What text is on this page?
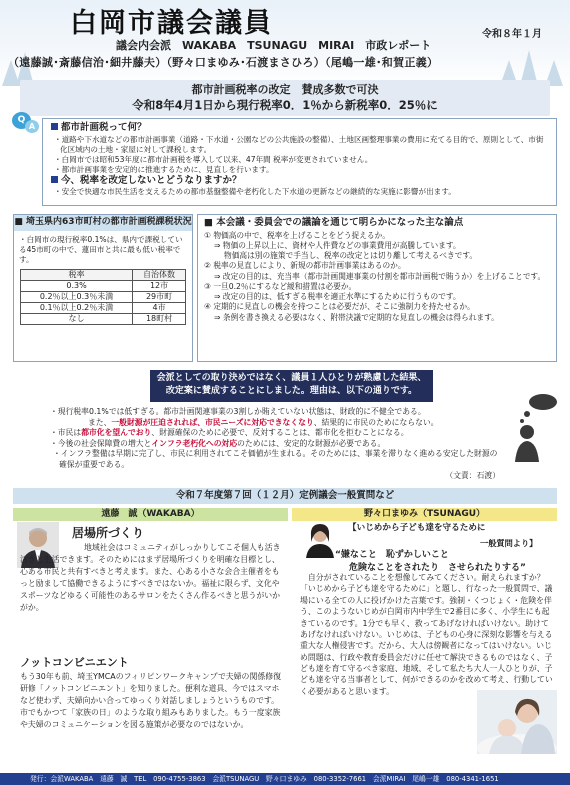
白岡市議会議員	令和８年１月
議会内会派　WAKABA　TSUNAGU　MIRAI　市政レポート
（遠藤誠･斎藤信治･細井藤夫）（野々口まゆみ･石渡まさひろ）（尾嶋一雄･和賀正義）
都市計画税率の改定　賛成多数で可決
令和8年4月1日から現行税率0．1％から新税率0．25％に
Q
A	都市計画税って何？
・道路や下水道などの都市計画事業（道路・下水道・公園などの公共施設の整備）、土地区画整理事業の費用に充てる目的で、原則として、市街化区域内の土地・家屋に対して課税します。
・白岡市では昭和53年度に都市計画税を導入して以来、47年間 税率が変更されていません。
・都市計画事業を安定的に推進するために、見直しを行います。
今、税率を改定しないとどうなりますか？
・安全で快適な市民生活を支えるための都市基盤整備や老朽化した下水道の更新などの継続的な実施に影響が出ます。
■ 埼玉県内63市町村の都市計画税課税状況
・白岡市の現行税率0.1%は、県内で課税している45市町の中で、蓮田市と共に最も低い税率です。
税率	自治体数
0.3%	12市
0.2％以上0.3％未満	29市町
0.1％以上0.2％未満	4市
なし	18町村
■ 本会議・委員会での議論を通じて明らかになった主な論点
① 物価高の中で、税率を上げることをどう捉えるか。
⇒ 物価の上昇以上に、資材や人件費などの事業費用が高騰しています。
物価高は別の施策で手当し、税率の改定とは切り離して考えるべきです。
② 税率の見直しにより、新規の都市計画事業はあるのか。
⇒ 改定の目的は、充当率（都市計画関連事業の付割を都市計画税で賄うか）を上げることです。
③ 一旦0.2％にするなど緩和措置は必要か。
⇒ 改定の目的は、低すぎる税率を適正水準にするために行うものです。
④ 定期的に見直しの機会を持つことは必要だが、そこに強制力を持たせるか。
⇒ 条例を書き換える必要はなく、附帯決議で定期的な見直しの機会は得られます。
会派としての取り決めではなく、議員１人ひとりが熟慮した結果、
改定案に賛成することにしました。理由は、以下の通りです。
・現行税率0.1%では低すぎる。都市計画関連事業の3割しか賄えていない状態は、財政的に不健全である。
また、一般財源が圧迫されれば、市民ニーズに対応できなくなり、結果的に市民のためにならない。
・市民は都市化を望んでおり、財源確保のために必要で、反対することは、都市化を拒むことになる。
・今後の社会保障費の増大とインフラ老朽化への対応のためには、安定的な財源が必要である。
・インフラ整備は早期に完了し、市民に利用されてこそ価値が生まれる。そのためには、事業を滞りなく進める安定した財源の確保が重要である。
（文責：石渡）
令和７年度第７回（１２月）定例議会一般質問など
遠藤　誠（WAKABA）
居場所づくり
地域社会はコミュニティがしっかりしてこそ個人も活き活きと生活できます。そのためにはまず居場所づくりを明確な目標とし、心ある市民と共有すべきと考えます。また、心ある小さな会合主催者をもっと励まして協働できるようにすべきではないか。福祉に限らず、文化やスポーツなどゆるく可能性のあるサロンをたくさん作るべきと思うがいかがか。
ノットコンビニエント
もう30年も前、埼玉YMCAのフィリピンワークキャンプで夫婦の関係修復研修「ノットコンビニエント」を知りました。便利な道具、今ではスマホなど使わず、夫婦向かい合ってゆっくり対話しましょうというものです。市でもかつて「家族の日」のような取り組みもありました。もう一度家族や夫婦のコミュニケーションを図る施策が必要なのではないか。
野々口まゆみ（TSUNAGU）
【いじめから子ども達を守るために
一般質問より】
“嫌なこと　恥ずかしいこと
危険なことをされたり　させられたりする”
　自分がされていることを想像してみてください。耐えられますか？「いじめから子ども達を守るために」と題し、行なった一般質問で、議場にいる全ての人に投げかけた言葉です。強制・くつじょく・危険を伴う、このようないじめが白岡市内中学生で2番目に多く、小学生にも起きているのです。1分でも早く、救ってあげなければいけない。助けてあげなければいけない。いじめは、子どもの心身に深刻な影響を与える重大な人権侵害です。だから、大人は傍観者になってはいけない。いじめ問題は、行政や教育委員会だけに任せて解決できるものではなく、子ども達を育て守るべき家庭、地域、そして私たち大人一人ひとりが、子ども達を守る当事者として、何ができるのかを改めて考え、行動していく必要があると思います。
発行：会派WAKABA　遠藤　誠　TEL　090-4755-3863　会派TSUNAGU　野々口まゆみ　080-3352-7661　会派MIRAI　尾嶋一雄　080-4341-1651
